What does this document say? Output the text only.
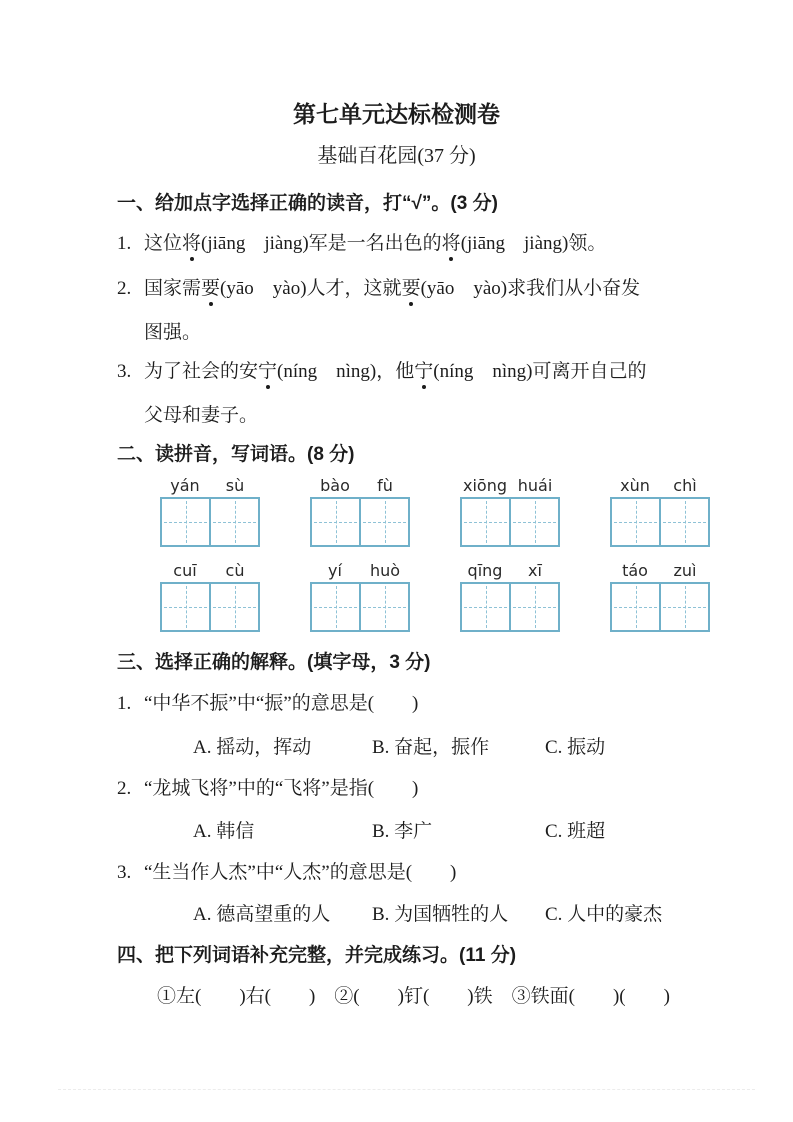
第七单元达标检测卷
基础百花园(37 分)
一、给加点字选择正确的读音，打“√”。(3 分)
1. 这位将(jiāng jiàng)军是一名出色的将(jiāng jiàng)领。
2. 国家需要(yāo yào)人才，这就要(yāo yào)求我们从小奋发
图强。
3. 为了社会的安宁(níng nìng)，他宁(níng nìng)可离开自己的
父母和妻子。
二、读拼音，写词语。(8 分)
yán	sù	bào	fù	xiōng huái	xùn	chì
cuī	cù	yí	huò	qīng	xī	táo	zuì
三、选择正确的解释。(填字母，3 分)
1. “中华不振”中“振”的意思是(　　)
A. 摇动，挥动	B. 奋起，振作	C. 振动
2. “龙城飞将”中的“飞将”是指(　　)
A. 韩信	B. 李广	C. 班超
3. “生当作人杰”中“人杰”的意思是(　　)
A. 德高望重的人	B. 为国牺牲的人	C. 人中的豪杰
四、把下列词语补充完整，并完成练习。(11 分)
①左(　　)右(　　) ②(　　)钉(　　)铁 ③铁面(　　)(　　)
